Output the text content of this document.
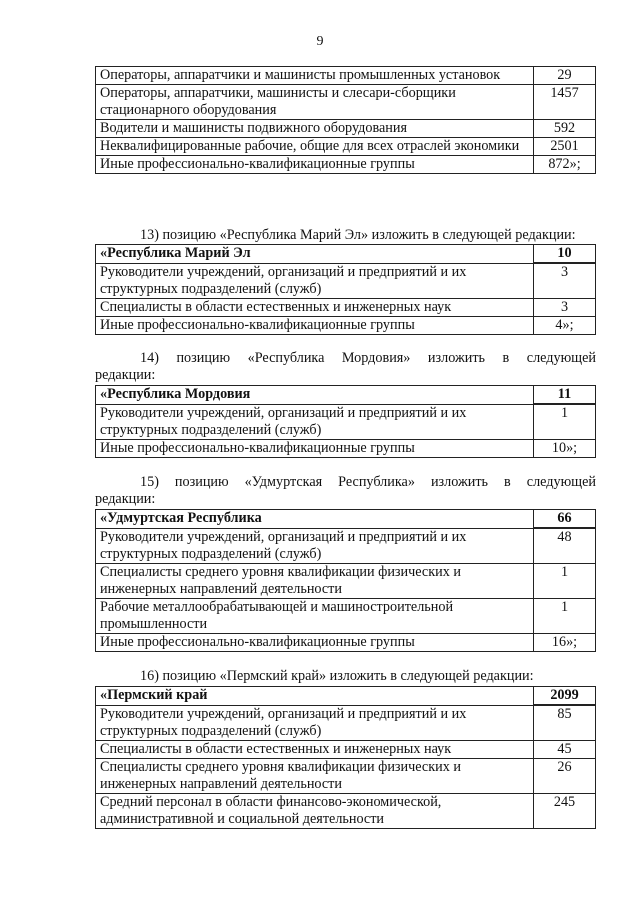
9
Операторы, аппаратчики и машинисты промышленных установок	29
Операторы, аппаратчики, машинисты и слесари-сборщики стационарного оборудования	1457
Водители и машинисты подвижного оборудования	592
Неквалифицированные рабочие, общие для всех отраслей экономики	2501
Иные профессионально-квалификационные группы	872»;
13) позицию «Республика Марий Эл» изложить в следующей редакции:
«Республика Марий Эл	10
Руководители учреждений, организаций и предприятий и их структурных подразделений (служб)	3
Специалисты в области естественных и инженерных наук	3
Иные профессионально-квалификационные группы	4»;
14) позицию «Республика Мордовия» изложить в следующей
редакции:
«Республика Мордовия	11
Руководители учреждений, организаций и предприятий и их структурных подразделений (служб)	1
Иные профессионально-квалификационные группы	10»;
15) позицию «Удмуртская Республика» изложить в следующей
редакции:
«Удмуртская Республика	66
Руководители учреждений, организаций и предприятий и их структурных подразделений (служб)	48
Специалисты среднего уровня квалификации физических и инженерных направлений деятельности	1
Рабочие металлообрабатывающей и машиностроительной промышленности	1
Иные профессионально-квалификационные группы	16»;
16) позицию «Пермский край» изложить в следующей редакции:
«Пермский край	2099
Руководители учреждений, организаций и предприятий и их структурных подразделений (служб)	85
Специалисты в области естественных и инженерных наук	45
Специалисты среднего уровня квалификации физических и инженерных направлений деятельности	26
Средний персонал в области финансово-экономической, административной и социальной деятельности	245
